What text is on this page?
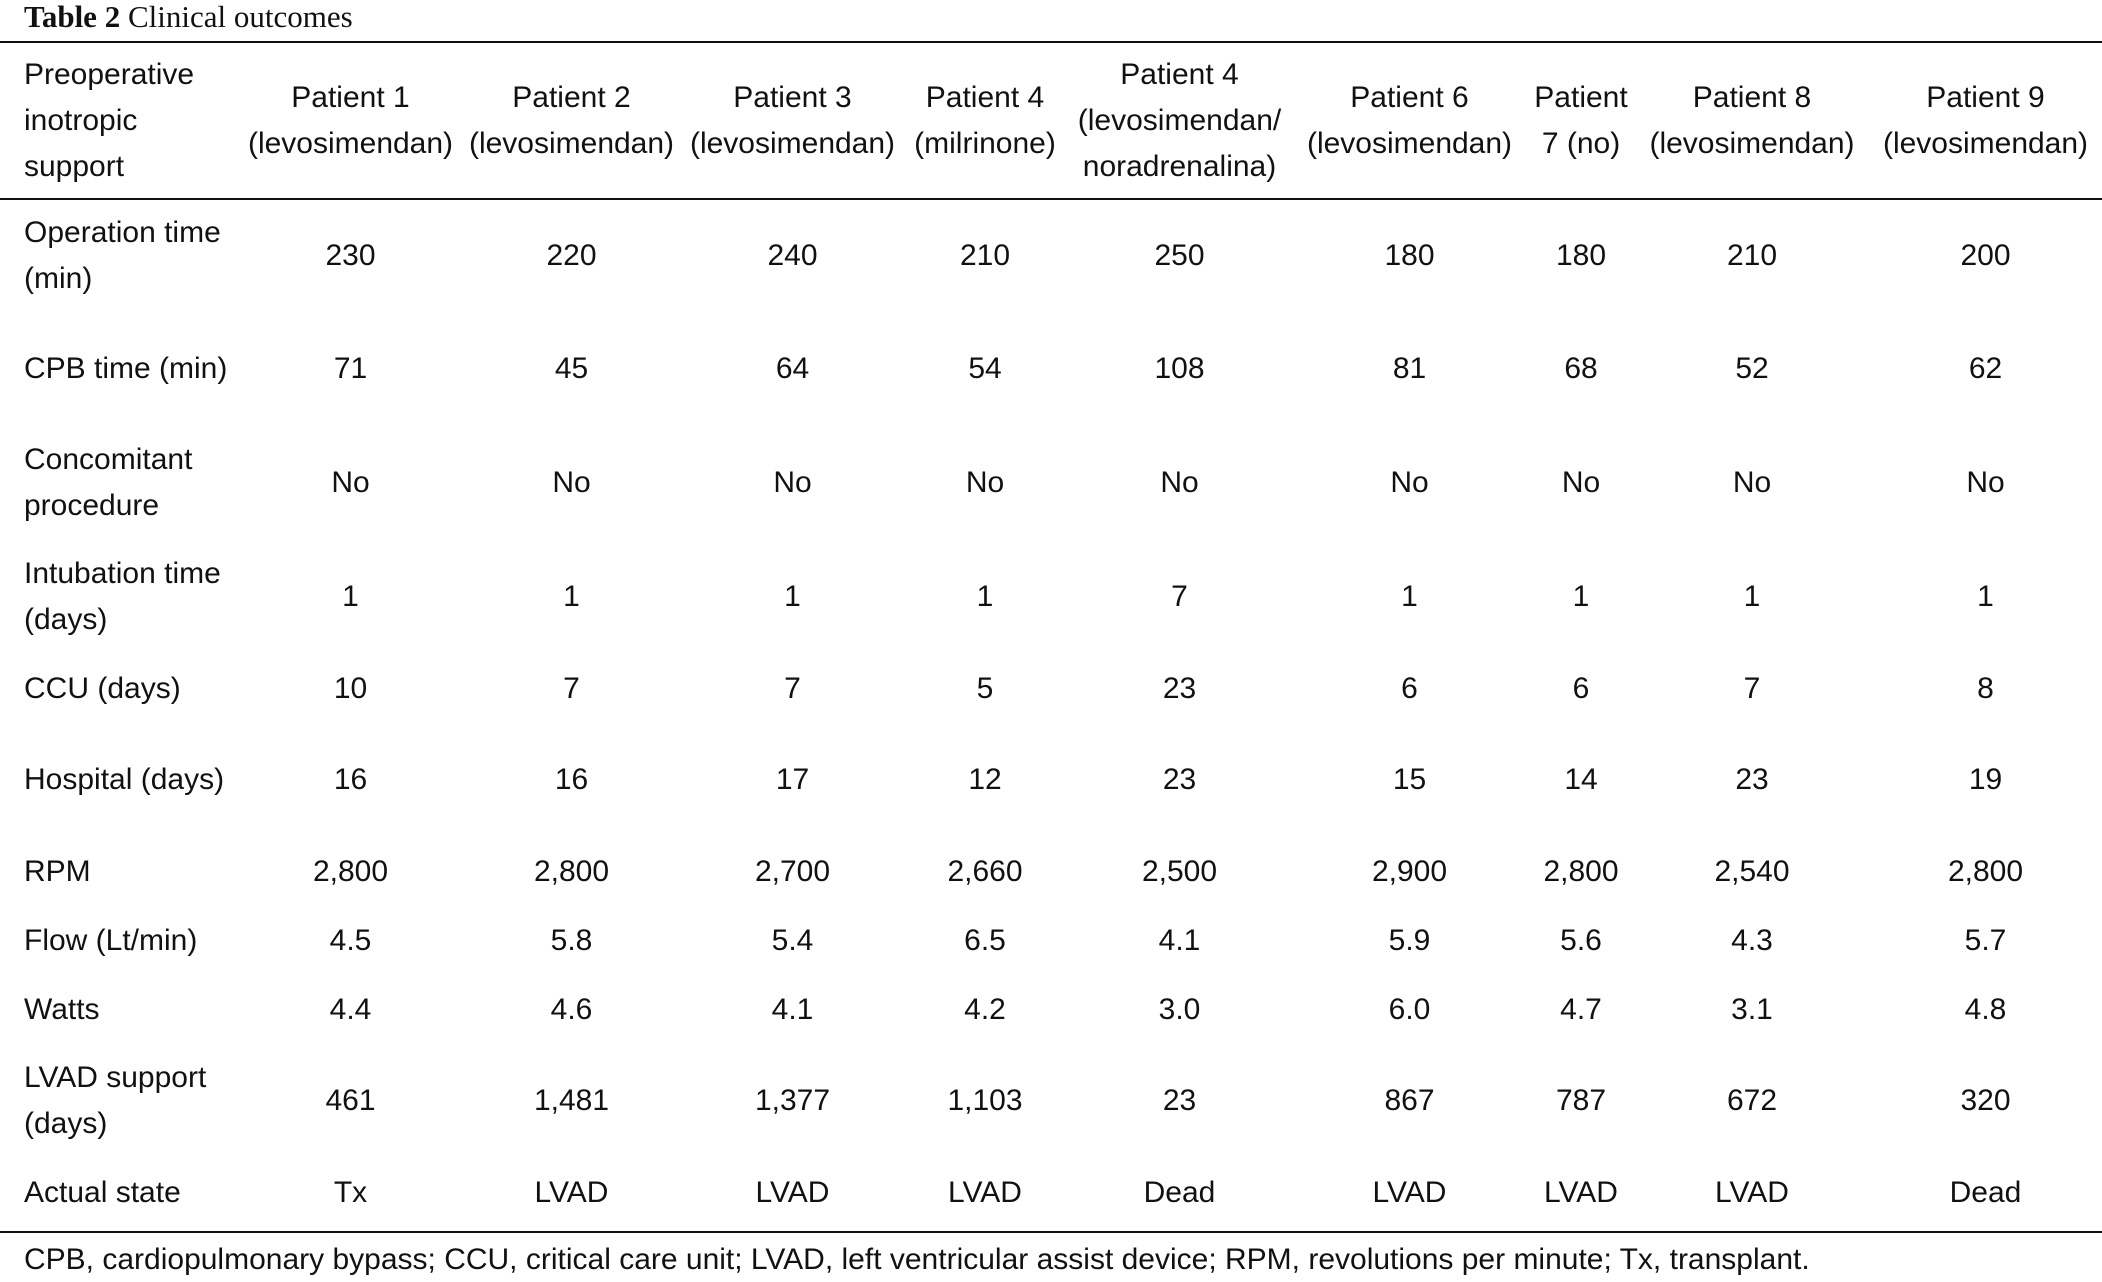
Table 2 Clinical outcomes
Preoperative inotropic support	Patient 1 (levosimendan)	Patient 2 (levosimendan)	Patient 3 (levosimendan)	Patient 4 (milrinone)	Patient 4 (levosimendan/ noradrenalina)	Patient 6 (levosimendan)	Patient 7 (no)	Patient 8 (levosimendan)	Patient 9 (levosimendan)
Operation time (min)	230	220	240	210	250	180	180	210	200
CPB time (min)	71	45	64	54	108	81	68	52	62
Concomitant procedure	No	No	No	No	No	No	No	No	No
Intubation time (days)	1	1	1	1	7	1	1	1	1
CCU (days)	10	7	7	5	23	6	6	7	8
Hospital (days)	16	16	17	12	23	15	14	23	19
RPM	2,800	2,800	2,700	2,660	2,500	2,900	2,800	2,540	2,800
Flow (Lt/min)	4.5	5.8	5.4	6.5	4.1	5.9	5.6	4.3	5.7
Watts	4.4	4.6	4.1	4.2	3.0	6.0	4.7	3.1	4.8
LVAD support (days)	461	1,481	1,377	1,103	23	867	787	672	320
Actual state	Tx	LVAD	LVAD	LVAD	Dead	LVAD	LVAD	LVAD	Dead
CPB, cardiopulmonary bypass; CCU, critical care unit; LVAD, left ventricular assist device; RPM, revolutions per minute; Tx, transplant.
